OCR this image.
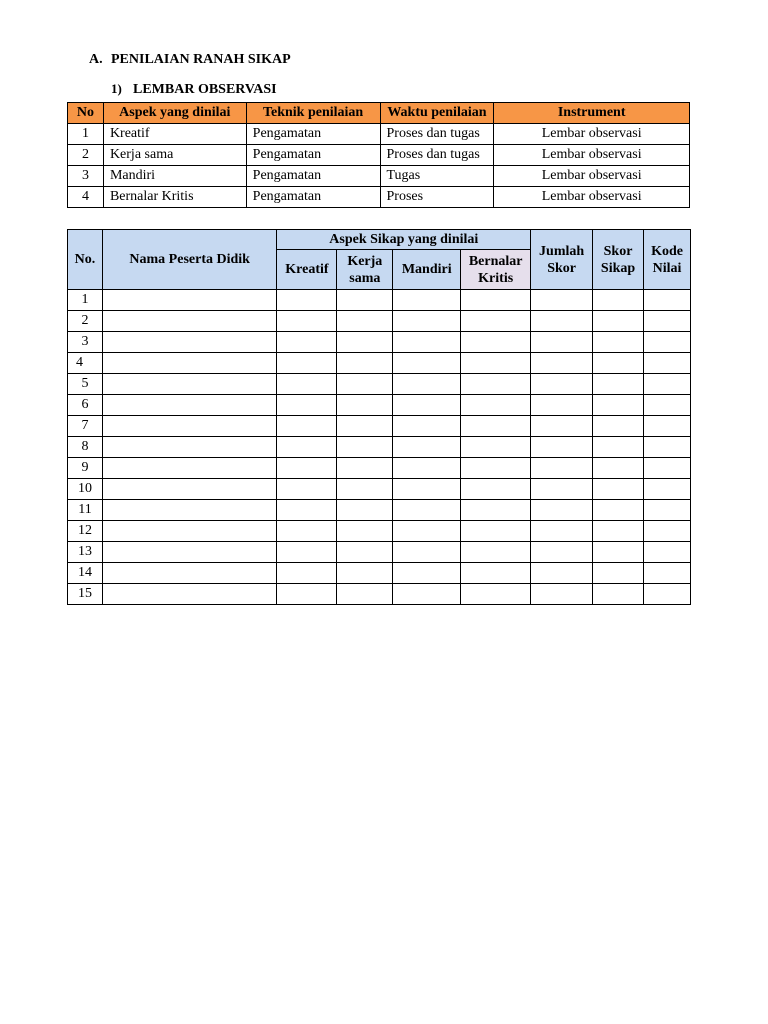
A. PENILAIAN RANAH SIKAP
1) LEMBAR OBSERVASI
No	Aspek yang dinilai	Teknik penilaian	Waktu penilaian	Instrument
1	Kreatif	Pengamatan	Proses dan tugas	Lembar observasi
2	Kerja sama	Pengamatan	Proses dan tugas	Lembar observasi
3	Mandiri	Pengamatan	Tugas	Lembar observasi
4	Bernalar Kritis	Pengamatan	Proses	Lembar observasi
No.	Nama Peserta Didik	Aspek Sikap yang dinilai				Jumlah Skor	Skor Sikap	Kode Nilai
		Kreatif	Kerja sama	Mandiri	Bernalar Kritis			
1								
2								
3								
4								
5								
6								
7								
8								
9								
10								
11								
12								
13								
14								
15								
